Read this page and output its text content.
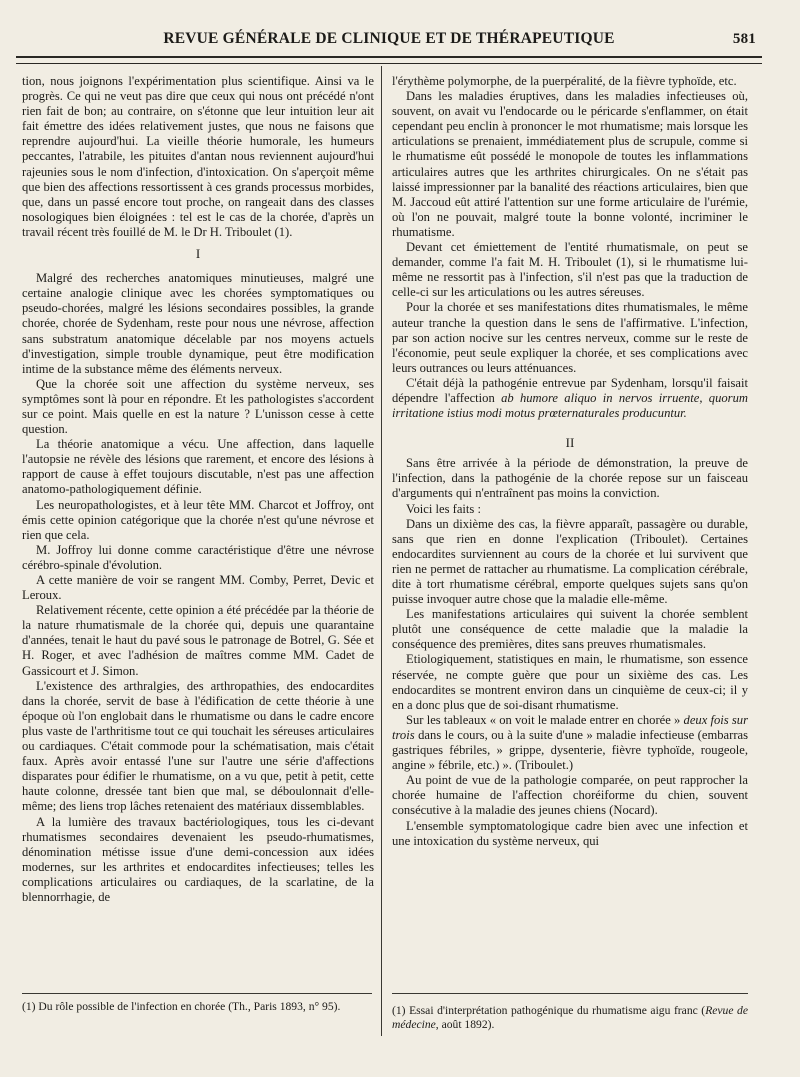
REVUE GÉNÉRALE DE CLINIQUE ET DE THÉRAPEUTIQUE	581

tion, nous joignons l'expérimentation plus scientifique. Ainsi va le progrès. Ce qui ne veut pas dire que ceux qui nous ont précédé n'ont rien fait de bon; au contraire, on s'étonne que leur intuition leur ait fait émettre des idées relativement justes, que nous ne faisons que reprendre aujourd'hui. La vieille théorie humorale, les humeurs peccantes, l'atrabile, les pituites d'antan nous reviennent aujourd'hui rajeunies sous le nom d'infection, d'intoxication. On s'aperçoit même que bien des affections ressortissent à ces grands processus morbides, que, dans un passé encore tout proche, on rangeait dans des classes nosologiques bien éloignées : tel est le cas de la chorée, d'après un travail récent très fouillé de M. le Dr H. Triboulet (1).

I

Malgré des recherches anatomiques minutieuses, malgré une certaine analogie clinique avec les chorées symptomatiques ou pseudo-chorées, malgré les lésions secondaires possibles, la grande chorée, chorée de Sydenham, reste pour nous une névrose, affection sans substratum anatomique décelable par nos moyens actuels d'investigation, simple trouble dynamique, peut être modification intime de la substance même des éléments nerveux.

Que la chorée soit une affection du système nerveux, ses symptômes sont là pour en répondre. Et les pathologistes s'accordent sur ce point. Mais quelle en est la nature ? L'unisson cesse à cette question.

La théorie anatomique a vécu. Une affection, dans laquelle l'autopsie ne révèle des lésions que rarement, et encore des lésions à rapport de cause à effet toujours discutable, n'est pas une affection anatomo-pathologiquement définie.

Les neuropathologistes, et à leur tête MM. Charcot et Joffroy, ont émis cette opinion catégorique que la chorée n'est qu'une névrose et rien que cela.

M. Joffroy lui donne comme caractéristique d'être une névrose cérébro-spinale d'évolution.

A cette manière de voir se rangent MM. Comby, Perret, Devic et Leroux.

Relativement récente, cette opinion a été précédée par la théorie de la nature rhumatismale de la chorée qui, depuis une quarantaine d'années, tenait le haut du pavé sous le patronage de Botrel, G. Sée et H. Roger, et avec l'adhésion de maîtres comme MM. Cadet de Gassicourt et J. Simon.

L'existence des arthralgies, des arthropathies, des endocardites dans la chorée, servit de base à l'édification de cette théorie à une époque où l'on englobait dans le rhumatisme ou dans le cadre encore plus vaste de l'arthritisme tout ce qui touchait les séreuses articulaires ou cardiaques. C'était commode pour la schématisation, mais c'était faux. Après avoir entassé l'une sur l'autre une série d'affections disparates pour édifier le rhumatisme, on a vu que, petit à petit, cette haute colonne, dressée tant bien que mal, se déboulonnait d'elle-même; des liens trop lâches retenaient des matériaux dissemblables.

A la lumière des travaux bactériologiques, tous les ci-devant rhumatismes secondaires devenaient les pseudo-rhumatismes, dénomination métisse issue d'une demi-concession aux idées modernes, sur les arthrites et endocardites infectieuses; telles les complications articulaires ou cardiaques, de la scarlatine, de la blennorrhagie, de

l'érythème polymorphe, de la puerpéralité, de la fièvre typhoïde, etc.

Dans les maladies éruptives, dans les maladies infectieuses où, souvent, on avait vu l'endocarde ou le péricarde s'enflammer, on était cependant peu enclin à prononcer le mot rhumatisme; mais lorsque les articulations se prenaient, immédiatement plus de scrupule, comme si le rhumatisme eût possédé le monopole de toutes les inflammations articulaires autres que les arthrites chirurgicales. On ne s'était pas laissé impressionner par la banalité des réactions articulaires, bien que M. Jaccoud eût attiré l'attention sur une forme articulaire de l'urémie, où l'on ne pouvait, malgré toute la bonne volonté, incriminer le rhumatisme.

Devant cet émiettement de l'entité rhumatismale, on peut se demander, comme l'a fait M. H. Triboulet (1), si le rhumatisme lui-même ne ressortit pas à l'infection, s'il n'est pas que la traduction de celle-ci sur les articulations ou les autres séreuses.

Pour la chorée et ses manifestations dites rhumatismales, le même auteur tranche la question dans le sens de l'affirmative. L'infection, par son action nocive sur les centres nerveux, comme sur le reste de l'économie, peut seule expliquer la chorée, et ses complications avec leurs outrances ou leurs atténuances.

C'était déjà la pathogénie entrevue par Sydenham, lorsqu'il faisait dépendre l'affection ab humore aliquo in nervos irruente, quorum irritatione istius modi motus prœternaturales producuntur.

II

Sans être arrivée à la période de démonstration, la preuve de l'infection, dans la pathogénie de la chorée repose sur un faisceau d'arguments qui n'entraînent pas moins la conviction.

Voici les faits :

Dans un dixième des cas, la fièvre apparaît, passagère ou durable, sans que rien en donne l'explication (Triboulet). Certaines endocardites surviennent au cours de la chorée et lui survivent que rien ne permet de rattacher au rhumatisme. La complication cérébrale, dite à tort rhumatisme cérébral, emporte quelques sujets sans qu'on puisse invoquer autre chose que la maladie elle-même.

Les manifestations articulaires qui suivent la chorée semblent plutôt une conséquence de cette maladie que la maladie la conséquence des premières, dites sans preuves rhumatismales.

Etiologiquement, statistiques en main, le rhumatisme, son essence réservée, ne compte guère que pour un sixième des cas. Les endocardites se montrent environ dans un cinquième de ceux-ci; il y en a donc plus que de soi-disant rhumatisme.

Sur les tableaux « on voit le malade entrer en chorée » deux fois sur trois dans le cours, ou à la suite d'une » maladie infectieuse (embarras gastriques fébriles, » grippe, dysenterie, fièvre typhoïde, rougeole, angine » fébrile, etc.) ». (Triboulet.)

Au point de vue de la pathologie comparée, on peut rapprocher la chorée humaine de l'affection choréiforme du chien, souvent consécutive à la maladie des jeunes chiens (Nocard).

L'ensemble symptomatologique cadre bien avec une infection et une intoxication du système nerveux, qui

(1) Du rôle possible de l'infection en chorée (Th., Paris 1893, n° 95).	(1) Essai d'interprétation pathogénique du rhumatisme aigu franc (Revue de médecine, août 1892).
